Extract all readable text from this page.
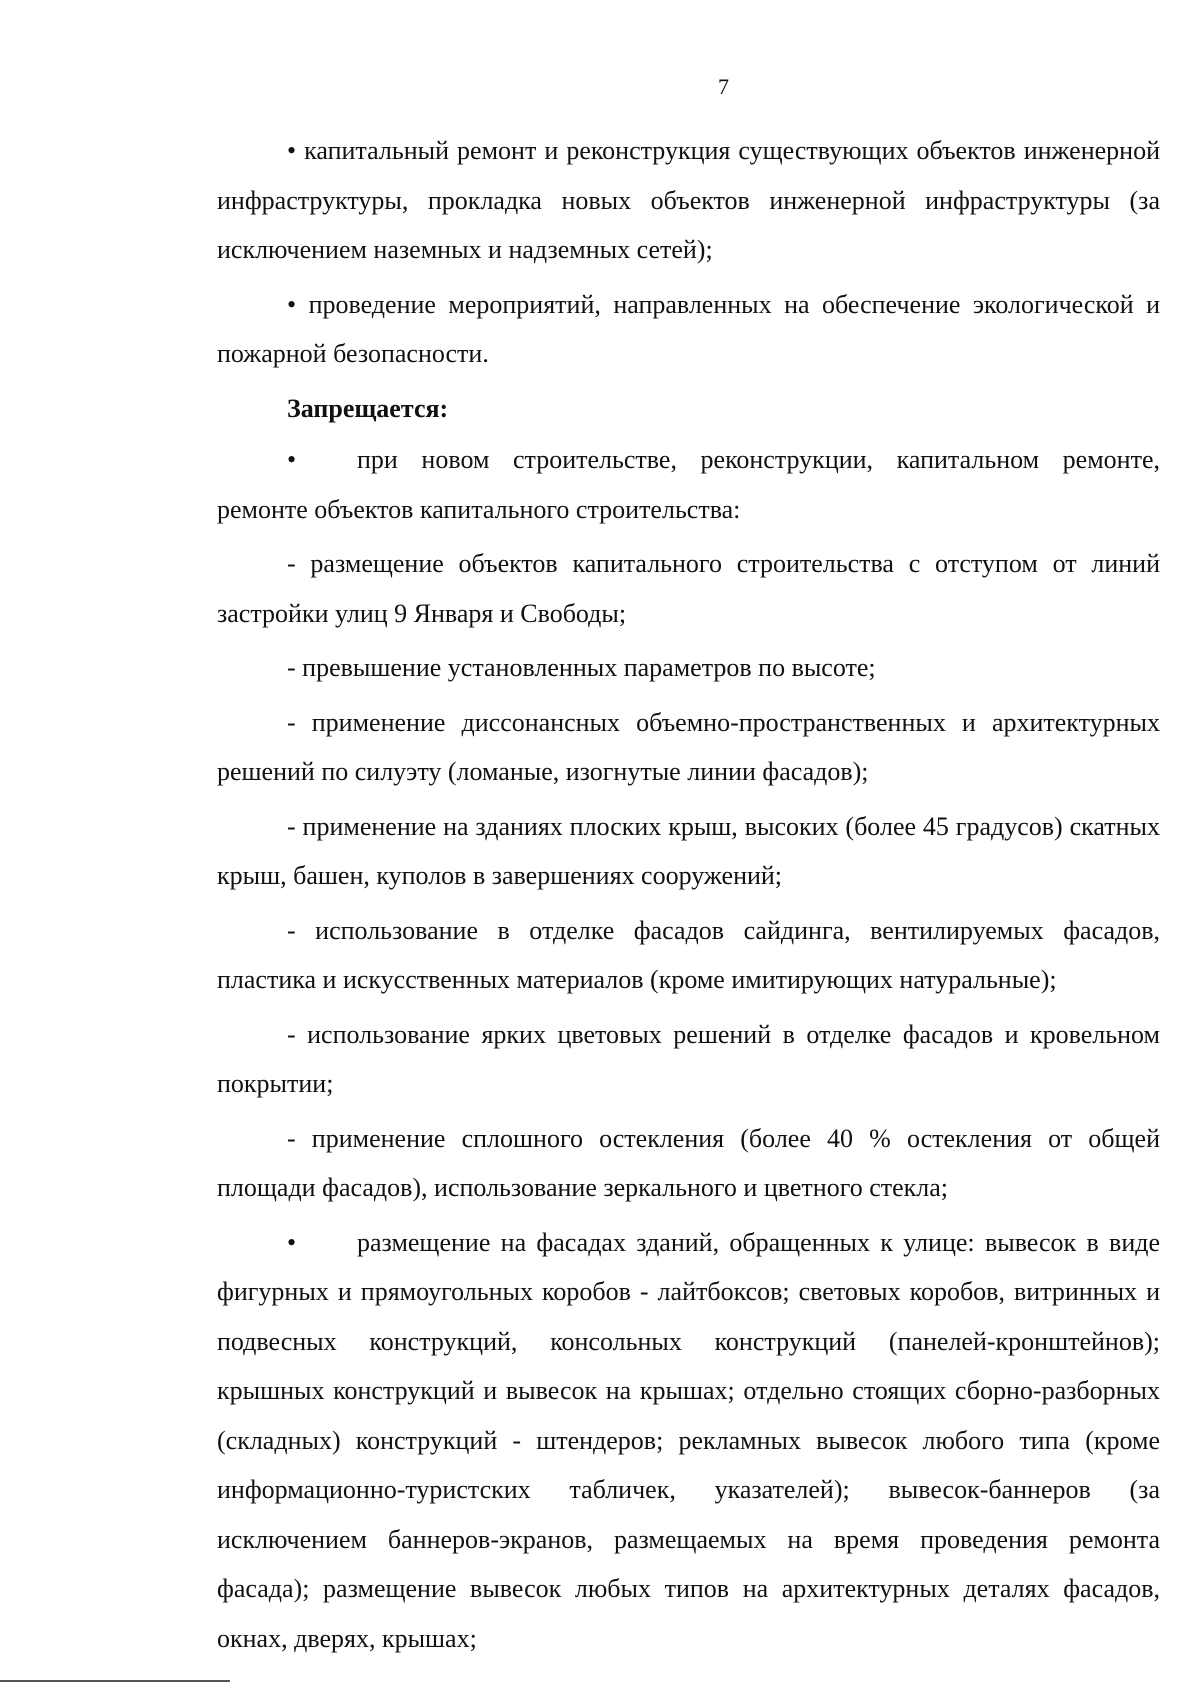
7

• капитальный ремонт и реконструкция существующих объектов инженерной инфраструктуры, прокладка новых объектов инженерной инфраструктуры (за исключением наземных и надземных сетей);

• проведение мероприятий, направленных на обеспечение экологической и пожарной безопасности.

Запрещается:

• при новом строительстве, реконструкции, капитальном ремонте, ремонте объектов капитального строительства:

- размещение объектов капитального строительства с отступом от линий застройки улиц 9 Января и Свободы;

- превышение установленных параметров по высоте;

- применение диссонансных объемно-пространственных и архитектурных решений по силуэту (ломаные, изогнутые линии фасадов);

- применение на зданиях плоских крыш, высоких (более 45 градусов) скатных крыш, башен, куполов в завершениях сооружений;

- использование в отделке фасадов сайдинга, вентилируемых фасадов, пластика и искусственных материалов (кроме имитирующих натуральные);

- использование ярких цветовых решений в отделке фасадов и кровельном покрытии;

- применение сплошного остекления (более 40 % остекления от общей площади фасадов), использование зеркального и цветного стекла;

• размещение на фасадах зданий, обращенных к улице: вывесок в виде фигурных и прямоугольных коробов - лайтбоксов; световых коробов, витринных и подвесных конструкций, консольных конструкций (панелей-кронштейнов); крышных конструкций и вывесок на крышах; отдельно стоящих сборно-разборных (складных) конструкций - штендеров; рекламных вывесок любого типа (кроме информационно-туристских табличек, указателей); вывесок-баннеров (за исключением баннеров-экранов, размещаемых на время проведения ремонта фасада); размещение вывесок любых типов на архитектурных деталях фасадов, окнах, дверях, крышах;
